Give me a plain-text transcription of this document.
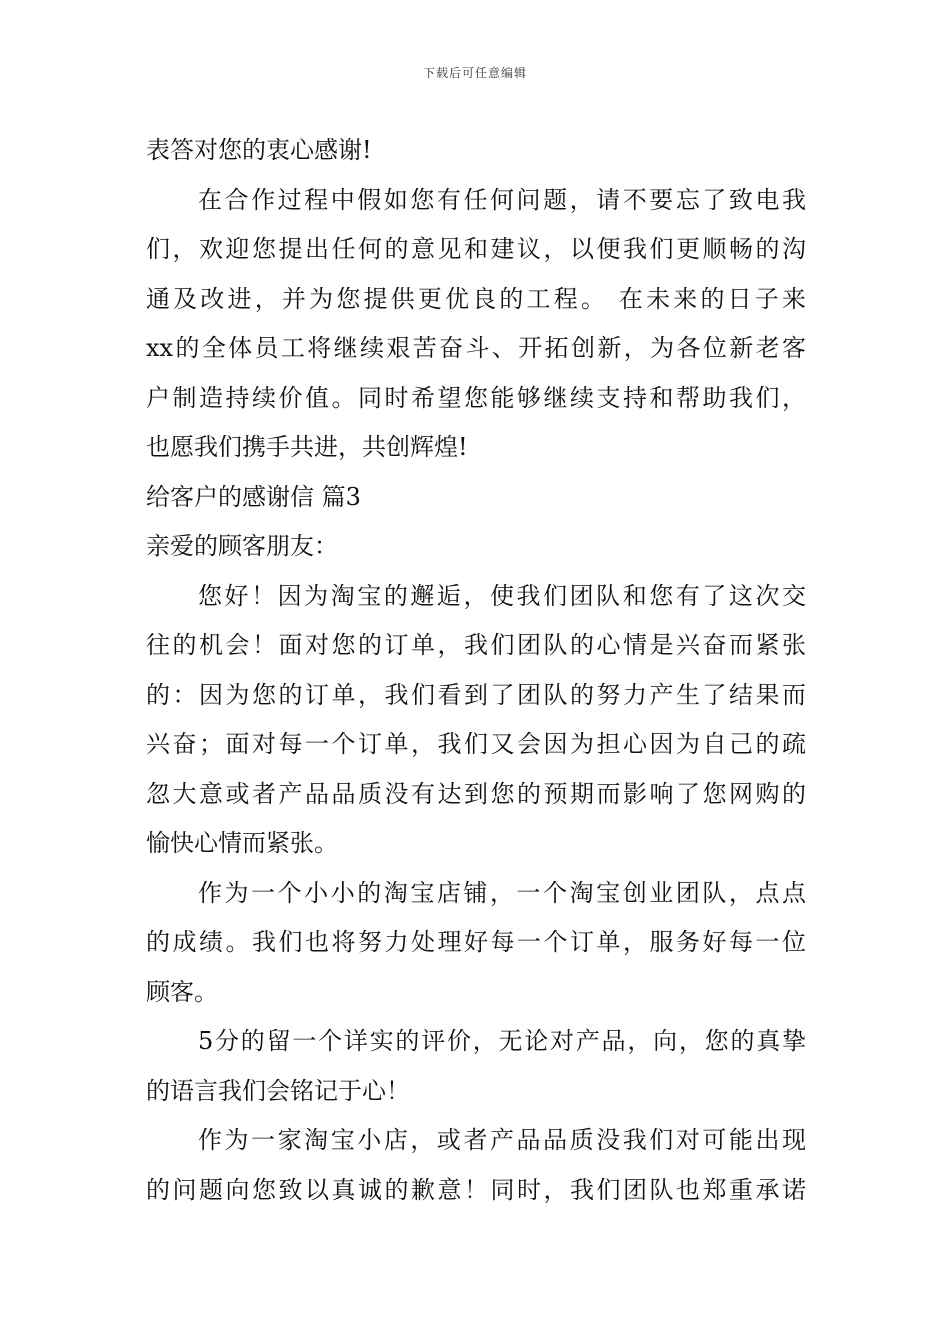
下载后可任意编辑
表答对您的衷心感谢!
在合作过程中假如您有任何问题，请不要忘了致电我
们，欢迎您提出任何的意见和建议，以便我们更顺畅的沟
通及改进，并为您提供更优良的工程。 在未来的日子来
xx的全体员工将继续艰苦奋斗、开拓创新，为各位新老客
户制造持续价值。同时希望您能够继续支持和帮助我们，
也愿我们携手共进，共创辉煌!
给客户的感谢信 篇3
亲爱的顾客朋友：
您好！因为淘宝的邂逅，使我们团队和您有了这次交
往的机会！面对您的订单，我们团队的心情是兴奋而紧张
的：因为您的订单，我们看到了团队的努力产生了结果而
兴奋；面对每一个订单，我们又会因为担心因为自己的疏
忽大意或者产品品质没有达到您的预期而影响了您网购的
愉快心情而紧张。
作为一个小小的淘宝店铺，一个淘宝创业团队，点点
的成绩。我们也将努力处理好每一个订单，服务好每一位
顾客。
5分的留一个详实的评价，无论对产品，向，您的真挚
的语言我们会铭记于心！
作为一家淘宝小店，或者产品品质没我们对可能出现
的问题向您致以真诚的歉意！同时，我们团队也郑重承诺
